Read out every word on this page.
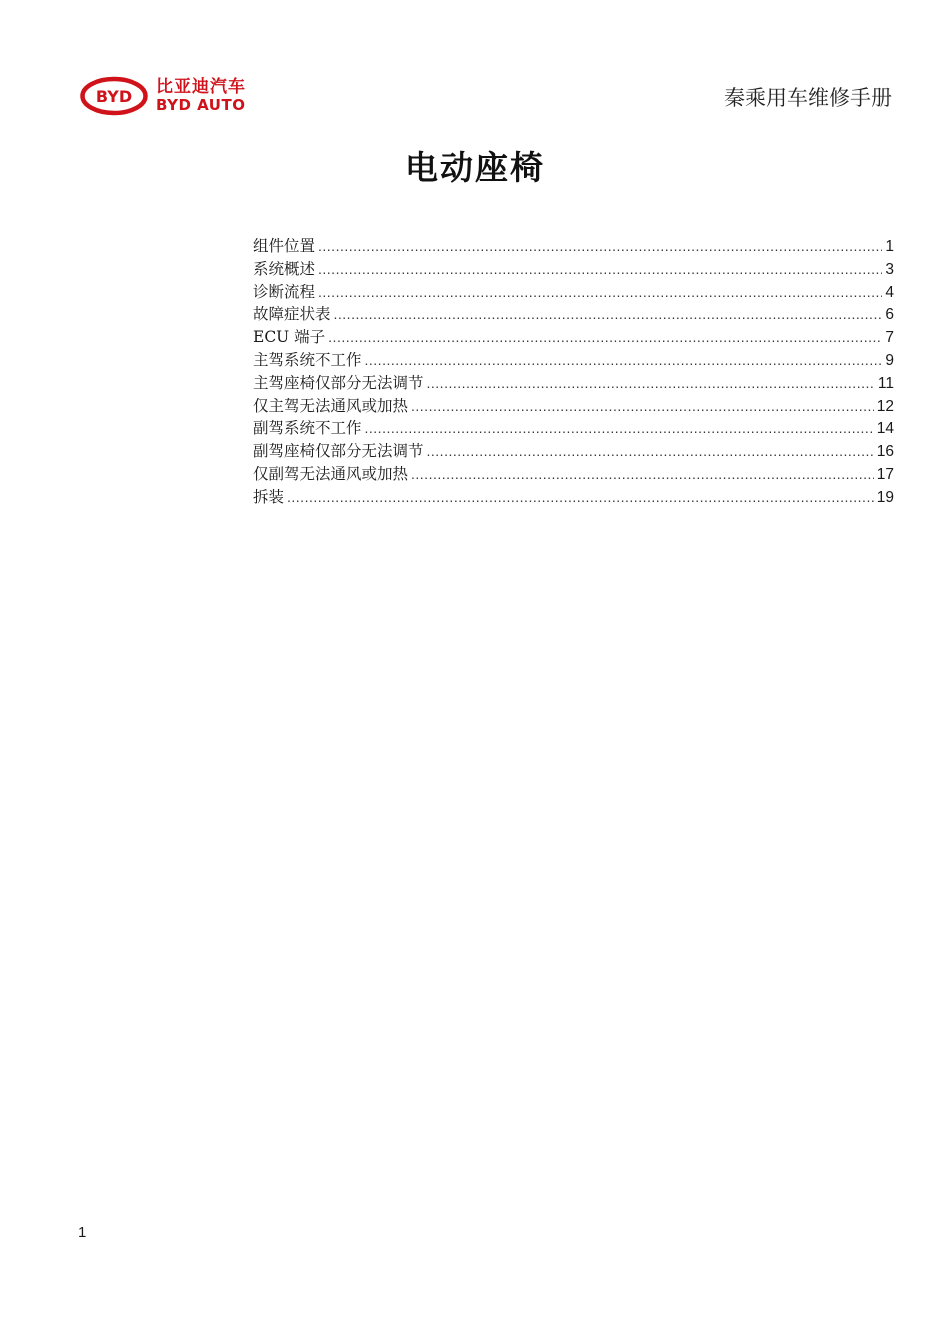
BYD 比亚迪汽车
BYD AUTO	秦乘用车维修手册
电动座椅
组件位置 .....	1
系统概述 .....	3
诊断流程 .....	4
故障症状表 .....	6
ECU 端子 .....	7
主驾系统不工作 .....	9
主驾座椅仅部分无法调节 .....	11
仅主驾无法通风或加热 .....	12
副驾系统不工作 .....	14
副驾座椅仅部分无法调节 .....	16
仅副驾无法通风或加热 .....	17
拆装 .....	19
1
